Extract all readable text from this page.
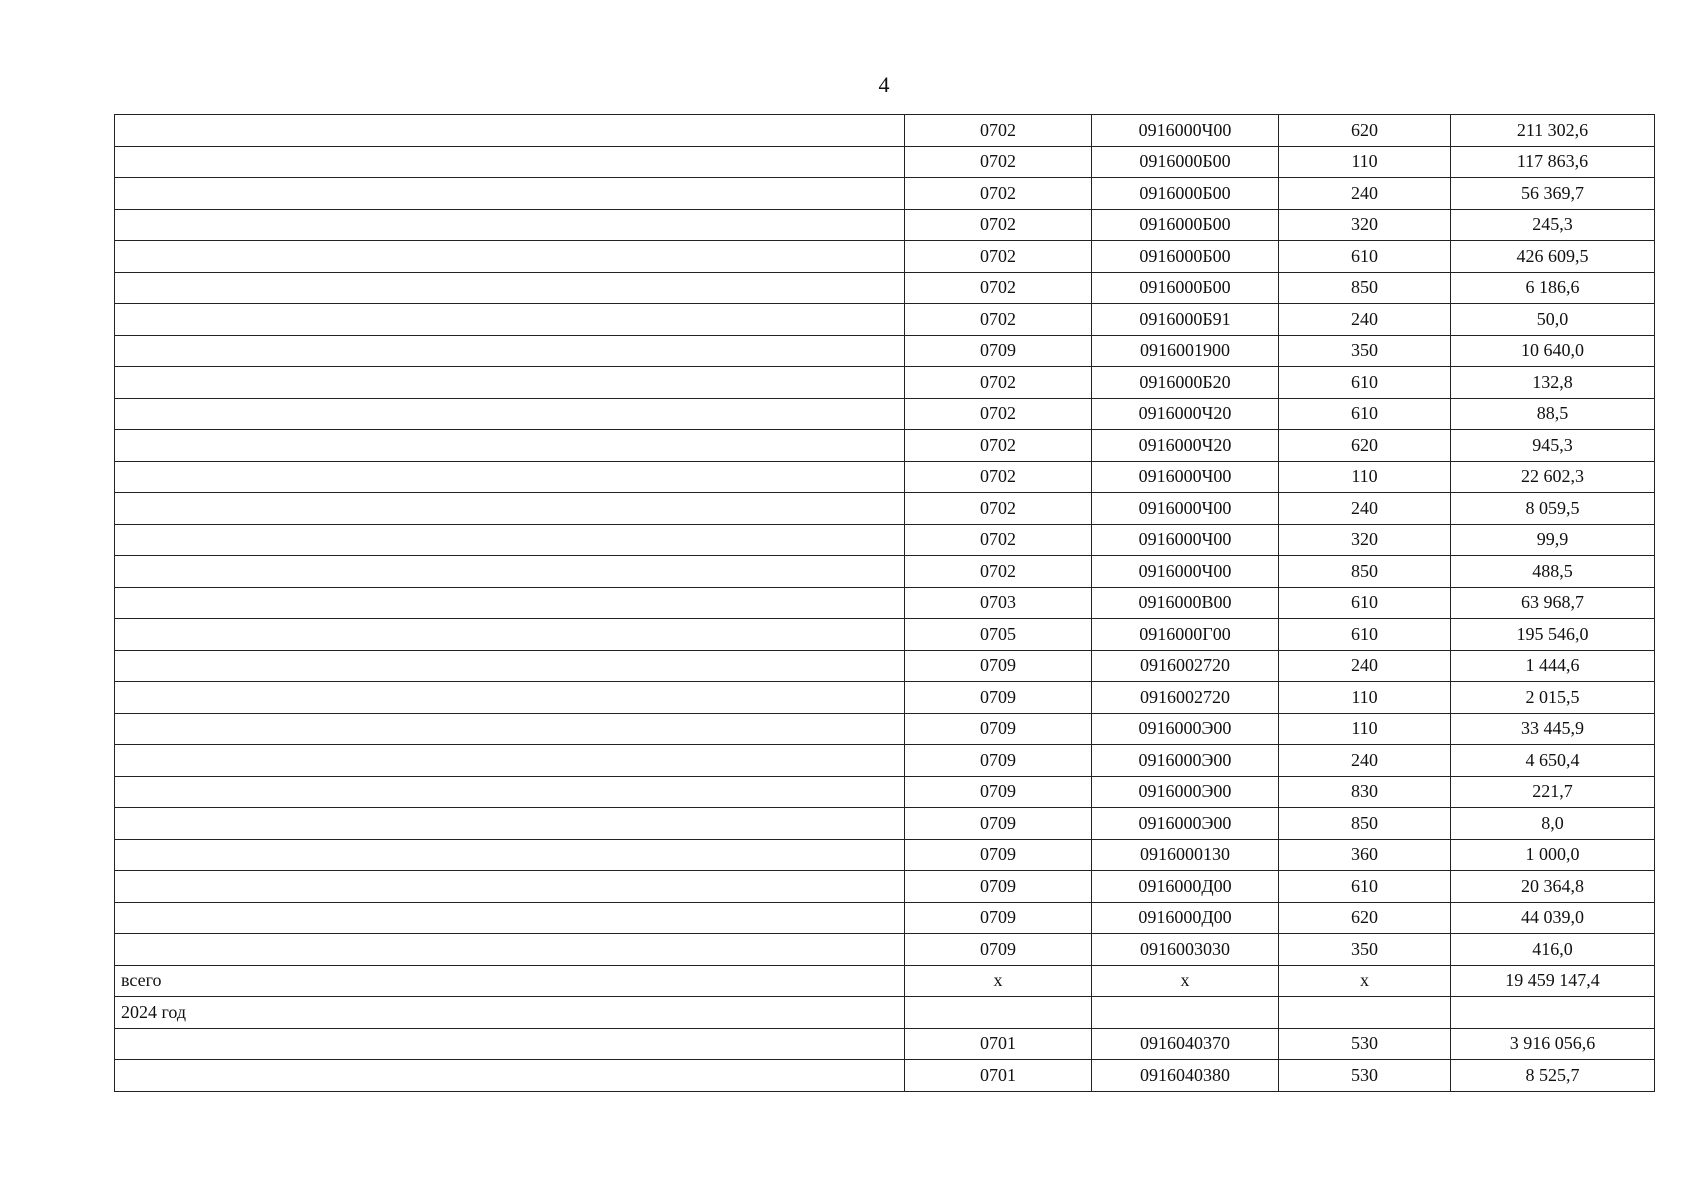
4
	0702	0916000Ч00	620	211 302,6
	0702	0916000Б00	110	117 863,6
	0702	0916000Б00	240	56 369,7
	0702	0916000Б00	320	245,3
	0702	0916000Б00	610	426 609,5
	0702	0916000Б00	850	6 186,6
	0702	0916000Б91	240	50,0
	0709	0916001900	350	10 640,0
	0702	0916000Б20	610	132,8
	0702	0916000Ч20	610	88,5
	0702	0916000Ч20	620	945,3
	0702	0916000Ч00	110	22 602,3
	0702	0916000Ч00	240	8 059,5
	0702	0916000Ч00	320	99,9
	0702	0916000Ч00	850	488,5
	0703	0916000В00	610	63 968,7
	0705	0916000Г00	610	195 546,0
	0709	0916002720	240	1 444,6
	0709	0916002720	110	2 015,5
	0709	0916000Э00	110	33 445,9
	0709	0916000Э00	240	4 650,4
	0709	0916000Э00	830	221,7
	0709	0916000Э00	850	8,0
	0709	0916000130	360	1 000,0
	0709	0916000Д00	610	20 364,8
	0709	0916000Д00	620	44 039,0
	0709	0916003030	350	416,0
всего	x	x	x	19 459 147,4
2024 год				
	0701	0916040370	530	3 916 056,6
	0701	0916040380	530	8 525,7
